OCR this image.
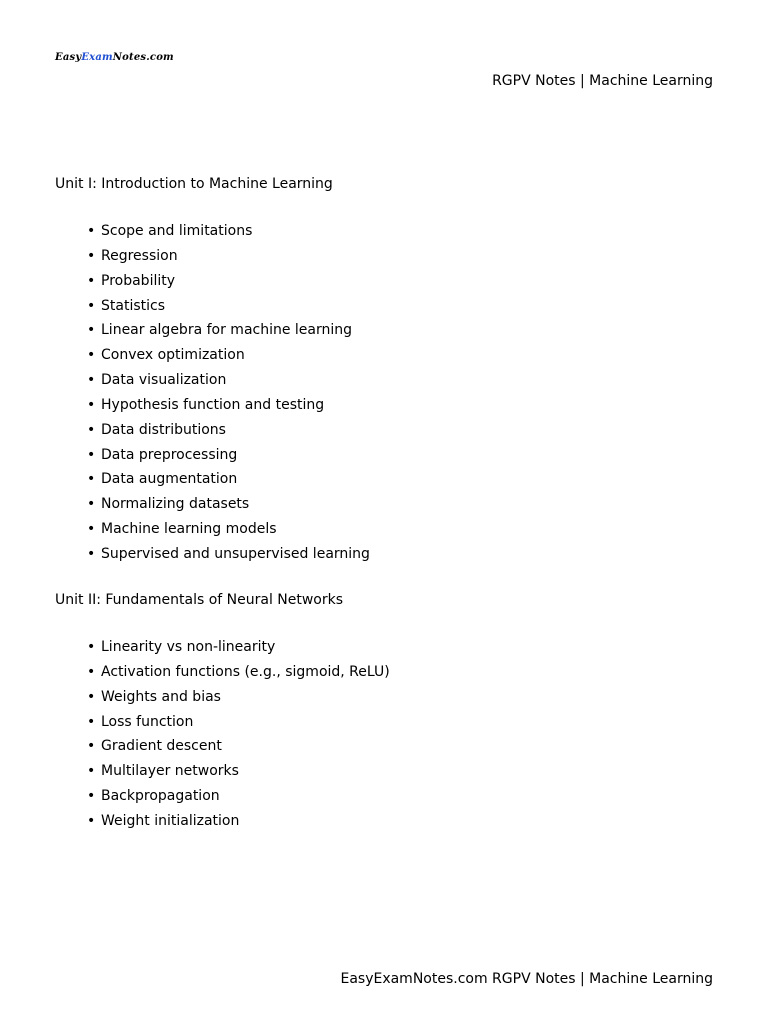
EasyExamNotes.com
RGPV Notes | Machine Learning
Unit I: Introduction to Machine Learning
• Scope and limitations
• Regression
• Probability
• Statistics
• Linear algebra for machine learning
• Convex optimization
• Data visualization
• Hypothesis function and testing
• Data distributions
• Data preprocessing
• Data augmentation
• Normalizing datasets
• Machine learning models
• Supervised and unsupervised learning
Unit II: Fundamentals of Neural Networks
• Linearity vs non-linearity
• Activation functions (e.g., sigmoid, ReLU)
• Weights and bias
• Loss function
• Gradient descent
• Multilayer networks
• Backpropagation
• Weight initialization
EasyExamNotes.com RGPV Notes | Machine Learning
